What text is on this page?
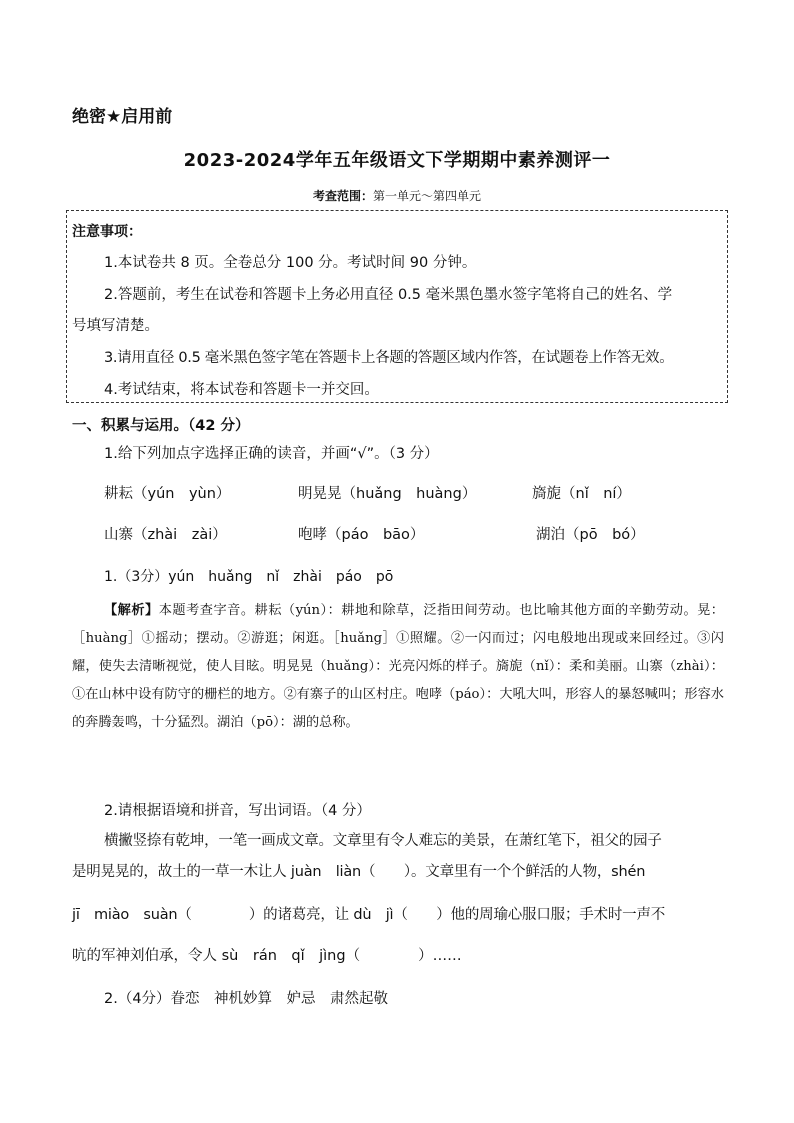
绝密★启用前
2023-2024学年五年级语文下学期期中素养测评一
考查范围：第一单元～第四单元
注意事项：
1.本试卷共 8 页。全卷总分 100 分。考试时间 90 分钟。
2.答题前，考生在试卷和答题卡上务必用直径 0.5 毫米黑色墨水签字笔将自己的姓名、学
号填写清楚。
3.请用直径 0.5 毫米黑色签字笔在答题卡上各题的答题区域内作答，在试题卷上作答无效。
4.考试结束，将本试卷和答题卡一并交回。
一、积累与运用。（42 分）
1.给下列加点字选择正确的读音，并画“√”。（3 分）
耕耘（yún　yùn）	明晃晃（huǎng　huàng）	旖旎（nǐ　ní）
山寨（zhài　zài）	咆哮（páo　bāo）	湖泊（pō　bó）
1.（3分）yún　huǎng　nǐ　zhài　páo　pō
【解析】本题考查字音。耕耘（yún）：耕地和除草，泛指田间劳动。也比喻其他方面的辛勤劳动。晃：［huàng］①摇动；摆动。②游逛；闲逛。［huǎng］①照耀。②一闪而过；闪电般地出现或来回经过。③闪耀，使失去清晰视觉，使人目眩。明晃晃（huǎng）：光亮闪烁的样子。旖旎（nǐ）：柔和美丽。山寨（zhài）：①在山林中设有防守的栅栏的地方。②有寨子的山区村庄。咆哮（páo）：大吼大叫，形容人的暴怒喊叫；形容水的奔腾轰鸣，十分猛烈。湖泊（pō）：湖的总称。
2.请根据语境和拼音，写出词语。（4 分）
横撇竖捺有乾坤，一笔一画成文章。文章里有令人难忘的美景，在萧红笔下，祖父的园子
是明晃晃的，故土的一草一木让人 juàn　liàn（　　）。文章里有一个个鲜活的人物，shén
jī　miào　suàn（　　　　）的诸葛亮，让 dù　jì（　　）他的周瑜心服口服；手术时一声不
吭的军神刘伯承，令人 sù　rán　qǐ　jìng（　　　　）……
2.（4分）眷恋　神机妙算　妒忌　肃然起敬
